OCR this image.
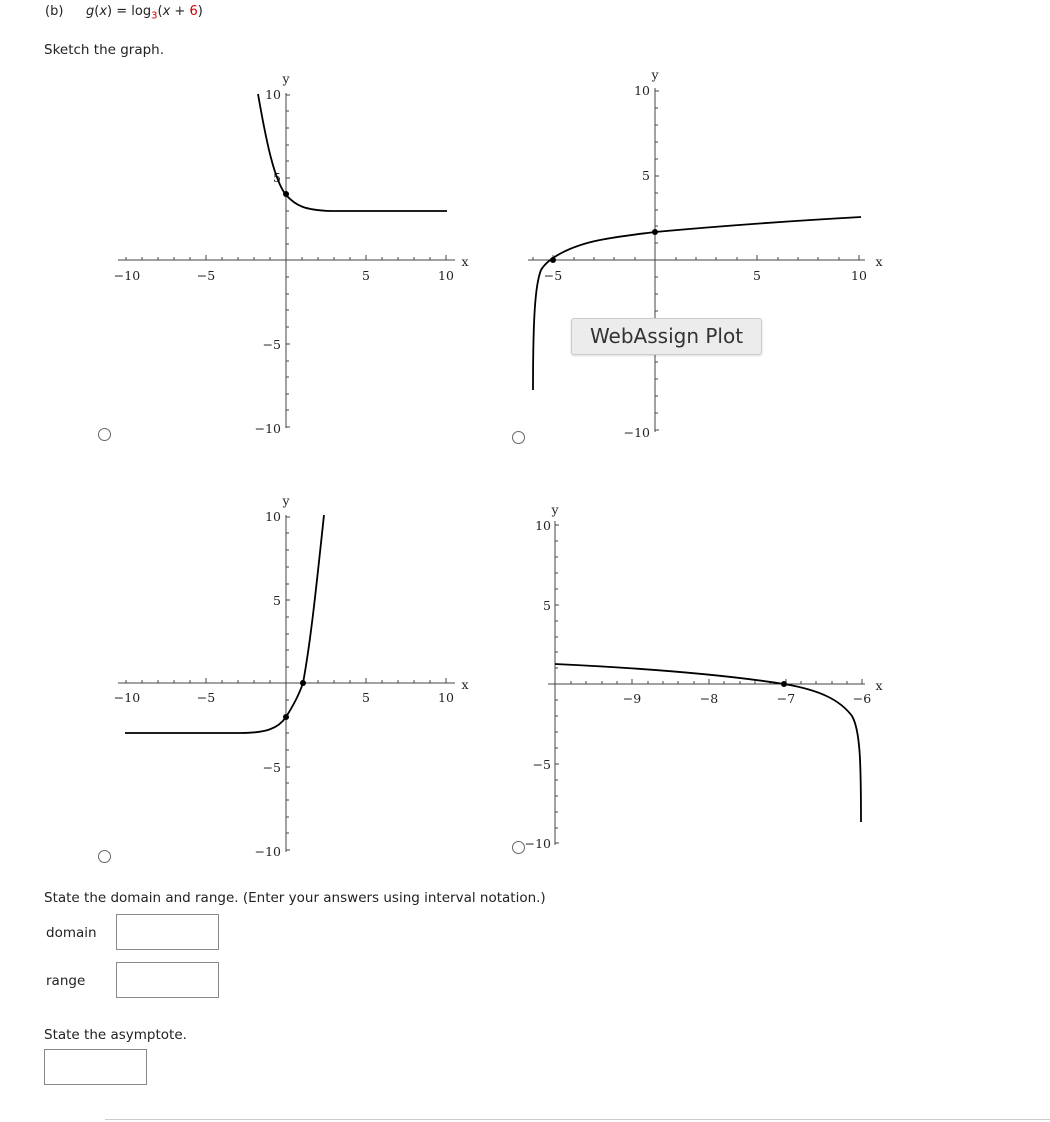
(b) $g(x) = \log_3(x + 6)$
Sketch the graph.
−10	−5	5	10
10
5
−5
−10
x
y
−5	5	10
10
5
−10
x
y
−10	−5	5	10
10
5
−5
−10
x
y
−9	−8	−7	−6
10
5
−5
−10
x
y
WebAssign Plot
State the domain and range. (Enter your answers using interval notation.)
domain
range
State the asymptote.
